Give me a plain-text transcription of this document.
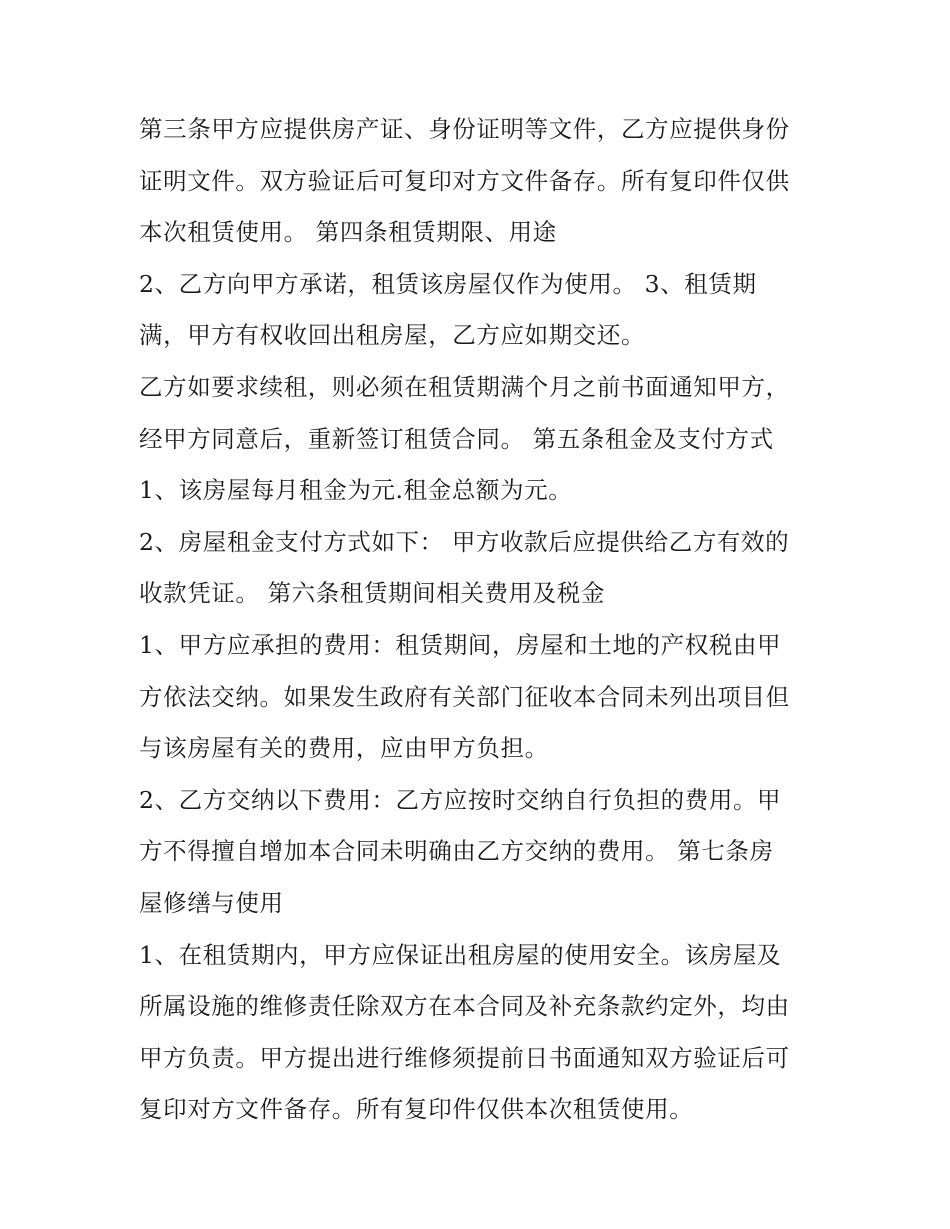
第三条甲方应提供房产证、身份证明等文件，乙方应提供身份
证明文件。双方验证后可复印对方文件备存。所有复印件仅供
本次租赁使用。 第四条租赁期限、用途
2、乙方向甲方承诺，租赁该房屋仅作为使用。 3、租赁期
满，甲方有权收回出租房屋，乙方应如期交还。
乙方如要求续租，则必须在租赁期满个月之前书面通知甲方，
经甲方同意后，重新签订租赁合同。 第五条租金及支付方式
1、该房屋每月租金为元.租金总额为元。
2、房屋租金支付方式如下： 甲方收款后应提供给乙方有效的
收款凭证。 第六条租赁期间相关费用及税金
1、甲方应承担的费用：租赁期间，房屋和土地的产权税由甲
方依法交纳。如果发生政府有关部门征收本合同未列出项目但
与该房屋有关的费用，应由甲方负担。
2、乙方交纳以下费用：乙方应按时交纳自行负担的费用。甲
方不得擅自增加本合同未明确由乙方交纳的费用。 第七条房
屋修缮与使用
1、在租赁期内，甲方应保证出租房屋的使用安全。该房屋及
所属设施的维修责任除双方在本合同及补充条款约定外，均由
甲方负责。甲方提出进行维修须提前日书面通知双方验证后可
复印对方文件备存。所有复印件仅供本次租赁使用。
